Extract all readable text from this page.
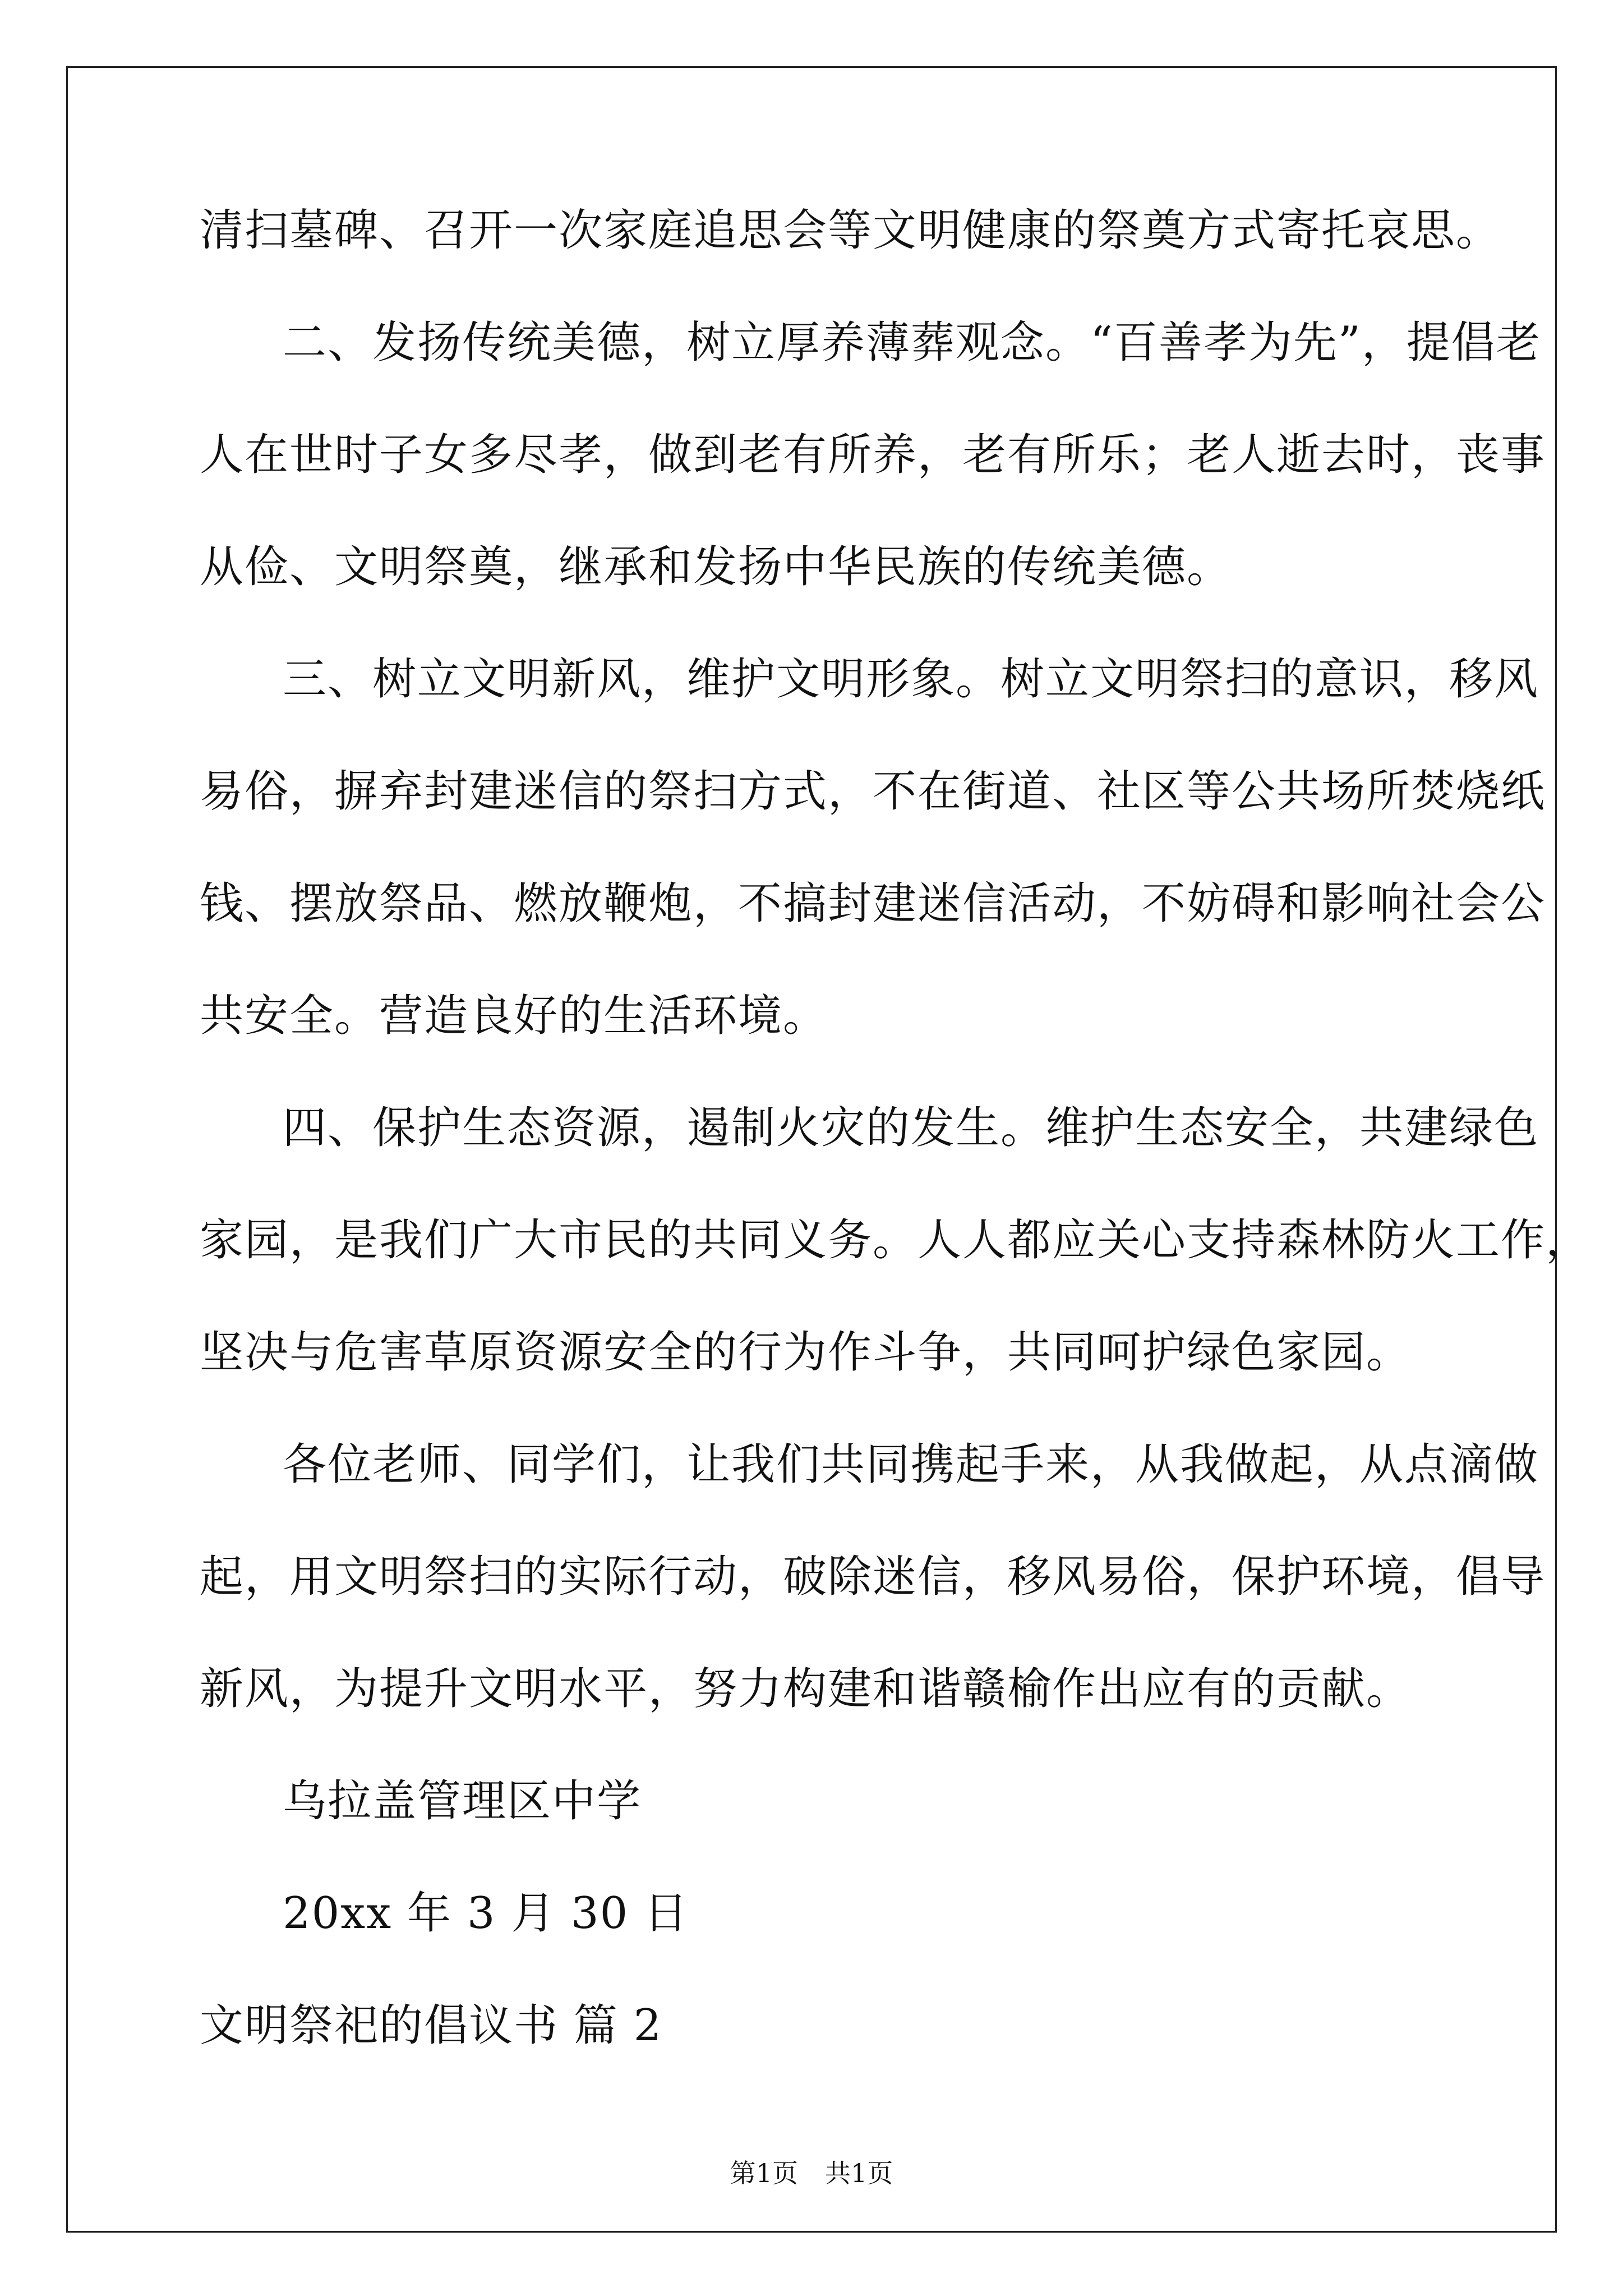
清扫墓碑、召开一次家庭追思会等文明健康的祭奠方式寄托哀思。
二、发扬传统美德，树立厚养薄葬观念。“百善孝为先”，提倡老
人在世时子女多尽孝，做到老有所养，老有所乐；老人逝去时，丧事
从俭、文明祭奠，继承和发扬中华民族的传统美德。
三、树立文明新风，维护文明形象。树立文明祭扫的意识，移风
易俗，摒弃封建迷信的祭扫方式，不在街道、社区等公共场所焚烧纸
钱、摆放祭品、燃放鞭炮，不搞封建迷信活动，不妨碍和影响社会公
共安全。营造良好的生活环境。
四、保护生态资源，遏制火灾的发生。维护生态安全，共建绿色
家园，是我们广大市民的共同义务。人人都应关心支持森林防火工作，
坚决与危害草原资源安全的行为作斗争，共同呵护绿色家园。
各位老师、同学们，让我们共同携起手来，从我做起，从点滴做
起，用文明祭扫的实际行动，破除迷信，移风易俗，保护环境，倡导
新风，为提升文明水平，努力构建和谐赣榆作出应有的贡献。
乌拉盖管理区中学
20xx 年 3 月 30 日
文明祭祀的倡议书 篇 2
第1页 共1页
